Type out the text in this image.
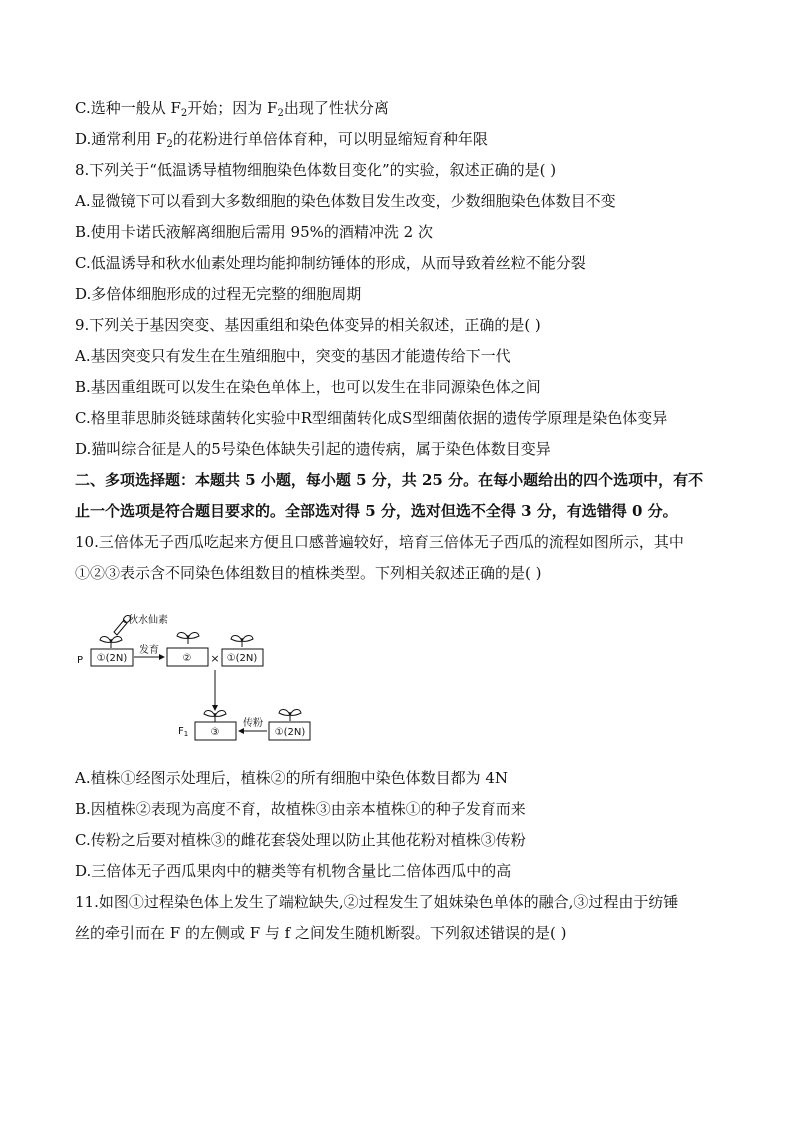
C.选种一般从 $F_2$开始；因为 $F_2$出现了性状分离
D.通常利用 $F_2$的花粉进行单倍体育种，可以明显缩短育种年限
8.下列关于“低温诱导植物细胞染色体数目变化”的实验，叙述正确的是( )
A.显微镜下可以看到大多数细胞的染色体数目发生改变，少数细胞染色体数目不变
B.使用卡诺氏液解离细胞后需用 95%的酒精冲洗 2 次
C.低温诱导和秋水仙素处理均能抑制纺锤体的形成，从而导致着丝粒不能分裂
D.多倍体细胞形成的过程无完整的细胞周期
9.下列关于基因突变、基因重组和染色体变异的相关叙述，正确的是( )
A.基因突变只有发生在生殖细胞中，突变的基因才能遗传给下一代
B.基因重组既可以发生在染色单体上，也可以发生在非同源染色体之间
C.格里菲思肺炎链球菌转化实验中R型细菌转化成S型细菌依据的遗传学原理是染色体变异
D.猫叫综合征是人的5号染色体缺失引起的遗传病，属于染色体数目变异
二、多项选择题：本题共 5 小题，每小题 5 分，共 25 分。在每小题给出的四个选项中，有不
止一个选项是符合题目要求的。全部选对得 5 分，选对但选不全得 3 分，有选错得 0 分。
10.三倍体无子西瓜吃起来方便且口感普遍较好，培育三倍体无子西瓜的流程如图所示，其中
①②③表示含不同染色体组数目的植株类型。下列相关叙述正确的是( )
秋水仙素
P ①(2N)
发育
② × ①(2N)
$F_1$ ③
传粉
①(2N)
A.植株①经图示处理后，植株②的所有细胞中染色体数目都为 4N
B.因植株②表现为高度不育，故植株③由亲本植株①的种子发育而来
C.传粉之后要对植株③的雌花套袋处理以防止其他花粉对植株③传粉
D.三倍体无子西瓜果肉中的糖类等有机物含量比二倍体西瓜中的高
11.如图①过程染色体上发生了端粒缺失,②过程发生了姐妹染色单体的融合,③过程由于纺锤
丝的牵引而在 F 的左侧或 F 与 f 之间发生随机断裂。下列叙述错误的是( )
